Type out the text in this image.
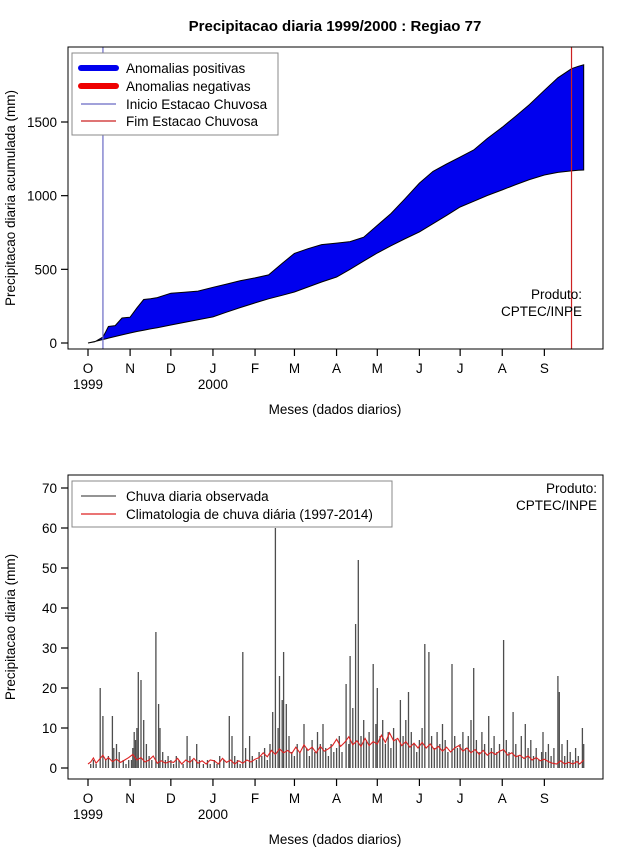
Precipitacao diaria 1999/2000 : Regiao 77
0
500
1000
1500
O N D	J	F M A M J	J	A S
1999	2000
Precipitacao diaria acumulada (mm)
Meses (dados diarios)
Anomalias positivas
Anomalias negativas
Inicio Estacao Chuvosa
Fim Estacao Chuvosa
Produto:
CPTEC/INPE
0
10
20
30
40
50
60
70
O N D	J	F M A M J	J	A S
1999	2000
Precipitacao diaria (mm)
Meses (dados diarios)
Chuva diaria observada
Climatologia de chuva diária (1997-2014)
Produto:
CPTEC/INPE
